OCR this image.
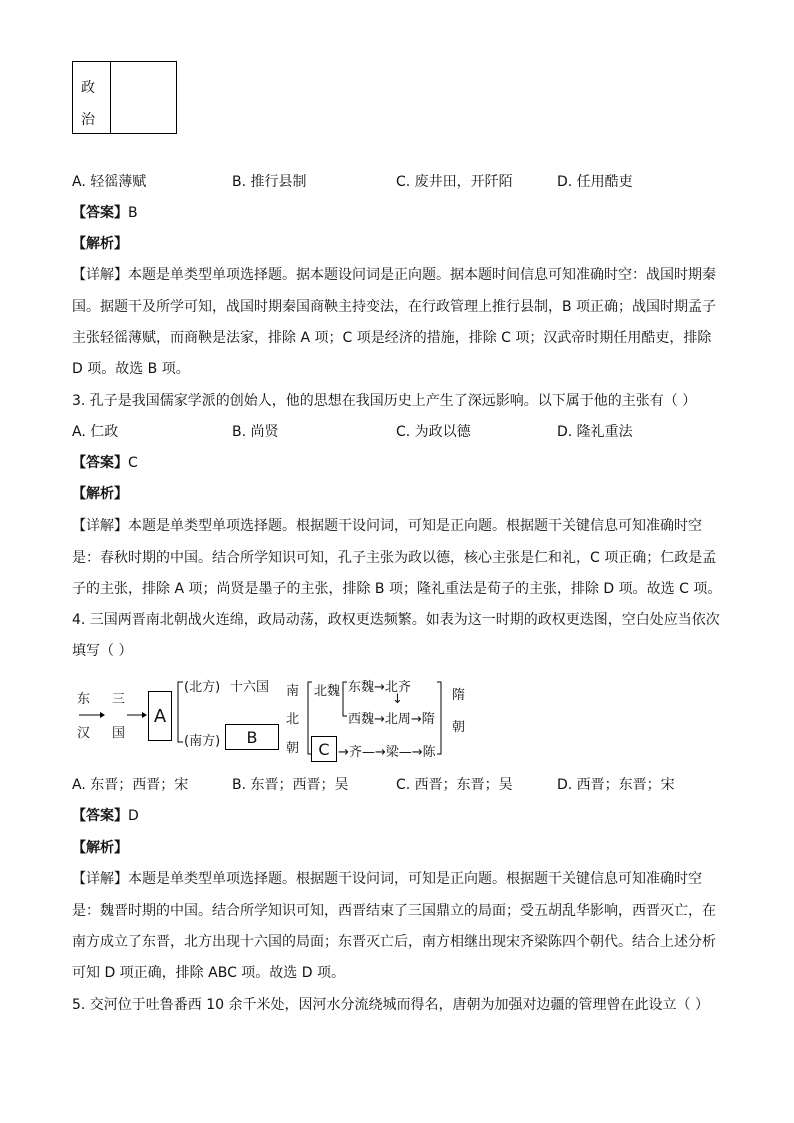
政
治
A. 轻徭薄赋	B. 推行县制	C. 废井田，开阡陌	D. 任用酷吏
【答案】B
【解析】
【详解】本题是单类型单项选择题。据本题设问词是正向题。据本题时间信息可知准确时空：战国时期秦
国。据题干及所学可知，战国时期秦国商鞅主持变法，在行政管理上推行县制，B 项正确；战国时期孟子
主张轻徭薄赋，而商鞅是法家，排除 A 项；C 项是经济的措施，排除 C 项；汉武帝时期任用酷吏，排除
D 项。故选 B 项。
3. 孔子是我国儒家学派的创始人，他的思想在我国历史上产生了深远影响。以下属于他的主张有（ ）
A. 仁政	B. 尚贤	C. 为政以德	D. 隆礼重法
【答案】C
【解析】
【详解】本题是单类型单项选择题。根据题干设问词，可知是正向题。根据题干关键信息可知准确时空
是：春秋时期的中国。结合所学知识可知，孔子主张为政以德，核心主张是仁和礼，C 项正确；仁政是孟
子的主张，排除 A 项；尚贤是墨子的主张，排除 B 项；隆礼重法是荀子的主张，排除 D 项。故选 C 项。
4. 三国两晋南北朝战火连绵，政局动荡，政权更迭频繁。如表为这一时期的政权更迭图，空白处应当依次
填写（ ）
东
汉
三
国
A
(北方) 十六国
(南方)	B
南
北
朝
北魏 东魏→北齐
↓
西魏→北周→隋
C →齐—→梁—→陈
隋
朝
A. 东晋；西晋；宋	B. 东晋；西晋；吴	C. 西晋；东晋；吴	D. 西晋；东晋；宋
【答案】D
【解析】
【详解】本题是单类型单项选择题。根据题干设问词，可知是正向题。根据题干关键信息可知准确时空
是：魏晋时期的中国。结合所学知识可知，西晋结束了三国鼎立的局面；受五胡乱华影响，西晋灭亡，在
南方成立了东晋，北方出现十六国的局面；东晋灭亡后，南方相继出现宋齐梁陈四个朝代。结合上述分析
可知 D 项正确，排除 ABC 项。故选 D 项。
5. 交河位于吐鲁番西 10 余千米处，因河水分流绕城而得名，唐朝为加强对边疆的管理曾在此设立（ ）
